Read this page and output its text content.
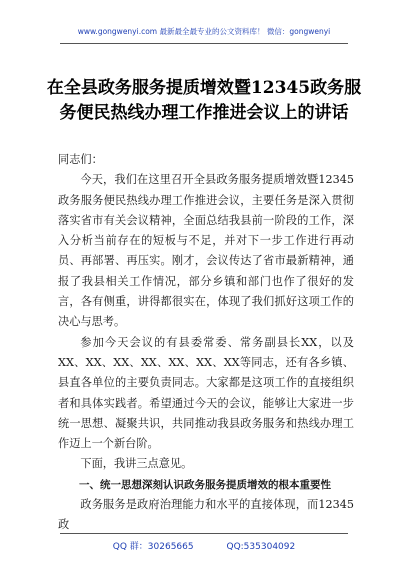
www.gongwenyi.com 最新最全最专业的公文资料库！ 微信：gongwenyi
在全县政务服务提质增效暨12345政务服
务便民热线办理工作推进会议上的讲话

同志们：

今天，我们在这里召开全县政务服务提质增效暨12345政务服务便民热线办理工作推进会议，主要任务是深入贯彻落实省市有关会议精神，全面总结我县前一阶段的工作，深入分析当前存在的短板与不足，并对下一步工作进行再动员、再部署、再压实。刚才，会议传达了省市最新精神，通报了我县相关工作情况，部分乡镇和部门也作了很好的发言，各有侧重，讲得都很实在，体现了我们抓好这项工作的决心与思考。

参加今天会议的有县委常委、常务副县长XX，以及XX、XX、XX、XX、XX、XX、XX等同志，还有各乡镇、县直各单位的主要负责同志。大家都是这项工作的直接组织者和具体实践者。希望通过今天的会议，能够让大家进一步统一思想、凝聚共识，共同推动我县政务服务和热线办理工作迈上一个新台阶。

下面，我讲三点意见。

一、统一思想深刻认识政务服务提质增效的根本重要性

政务服务是政府治理能力和水平的直接体现，而12345政

QQ 群：30265665	QQ:535304092
